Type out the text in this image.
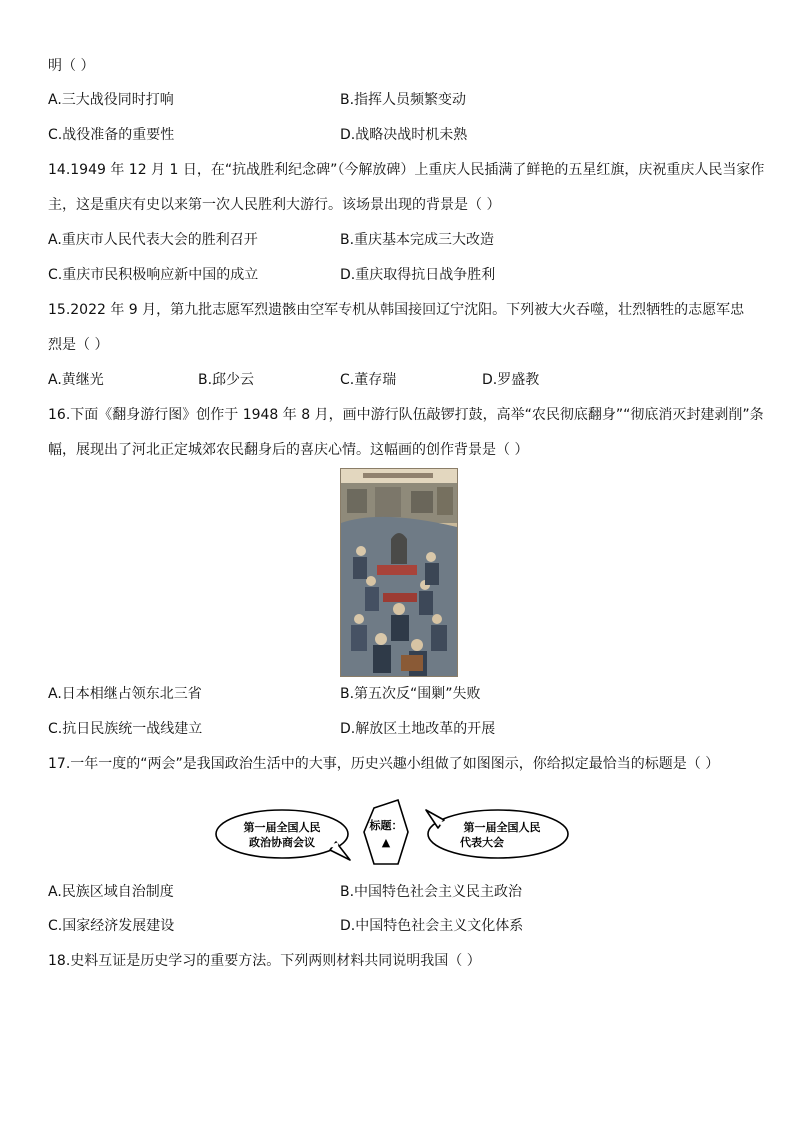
明（ ）
A.三大战役同时打响	B.指挥人员频繁变动
C.战役准备的重要性	D.战略决战时机未熟
14.1949 年 12 月 1 日，在“抗战胜利纪念碑”（今解放碑）上重庆人民插满了鲜艳的五星红旗，庆祝重庆人民当家作
主，这是重庆有史以来第一次人民胜利大游行。该场景出现的背景是（ ）
A.重庆市人民代表大会的胜利召开	B.重庆基本完成三大改造
C.重庆市民积极响应新中国的成立	D.重庆取得抗日战争胜利
15.2022 年 9 月，第九批志愿军烈遗骸由空军专机从韩国接回辽宁沈阳。下列被大火吞噬，壮烈牺牲的志愿军忠
烈是（ ）
A.黄继光	B.邱少云	C.董存瑞	D.罗盛教
16.下面《翻身游行图》创作于 1948 年 8 月，画中游行队伍敲锣打鼓，高举“农民彻底翻身”“彻底消灭封建剥削”条
幅，展现出了河北正定城郊农民翻身后的喜庆心情。这幅画的创作背景是（ ）
A.日本相继占领东北三省	B.第五次反“围剿”失败
C.抗日民族统一战线建立	D.解放区土地改革的开展
17.一年一度的“两会”是我国政治生活中的大事，历史兴趣小组做了如图图示，你给拟定最恰当的标题是（ ）
第一届全国人民
政治协商会议
标题：
▲
第一届全国人民
代表大会
A.民族区域自治制度	B.中国特色社会主义民主政治
C.国家经济发展建设	D.中国特色社会主义文化体系
18.史料互证是历史学习的重要方法。下列两则材料共同说明我国（ ）
